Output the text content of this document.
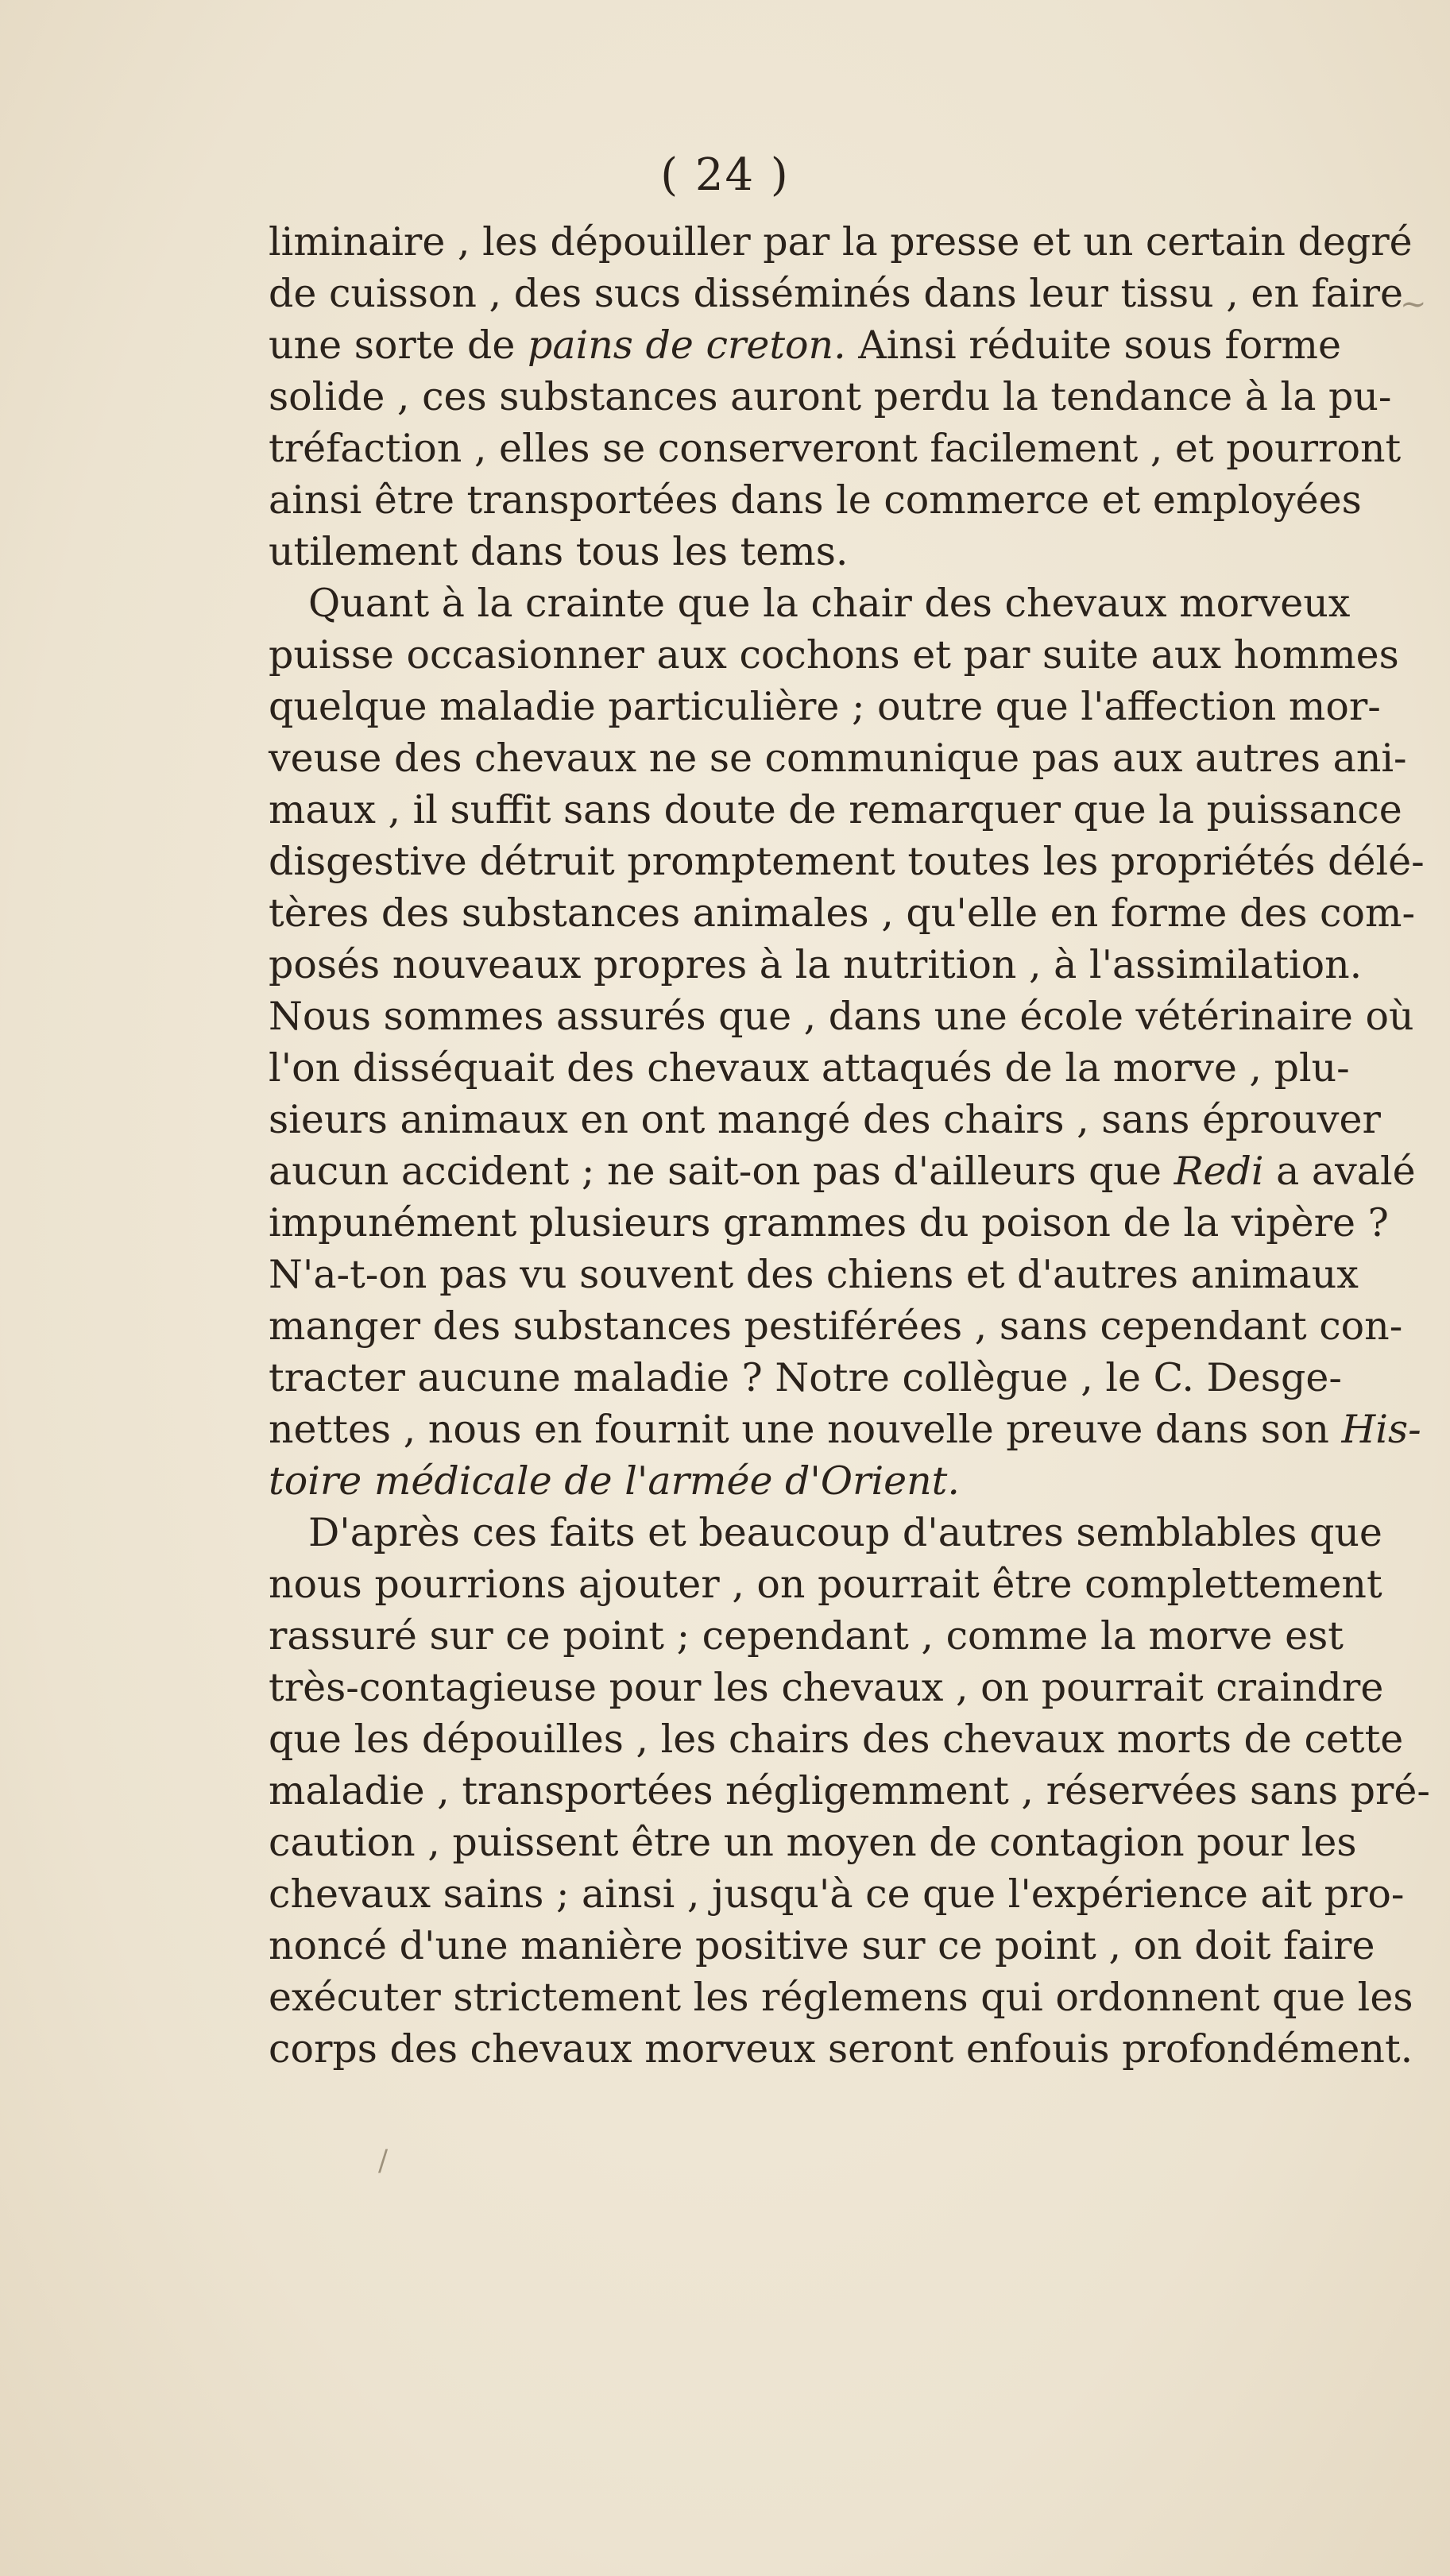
( 24 )
liminaire , les dépouiller par la presse et un certain degré
de cuisson , des sucs disséminés dans leur tissu , en faire
une sorte de pains de creton. Ainsi réduite sous forme
solide , ces substances auront perdu la tendance à la pu-
tréfaction , elles se conserveront facilement , et pourront
ainsi être transportées dans le commerce et employées
utilement dans tous les tems.
Quant à la crainte que la chair des chevaux morveux
puisse occasionner aux cochons et par suite aux hommes
quelque maladie particulière ; outre que l'affection mor-
veuse des chevaux ne se communique pas aux autres ani-
maux , il suffit sans doute de remarquer que la puissance
disgestive détruit promptement toutes les propriétés délé-
tères des substances animales , qu'elle en forme des com-
posés nouveaux propres à la nutrition , à l'assimilation.
Nous sommes assurés que , dans une école vétérinaire où
l'on disséquait des chevaux attaqués de la morve , plu-
sieurs animaux en ont mangé des chairs , sans éprouver
aucun accident ; ne sait-on pas d'ailleurs que Redi a avalé
impunément plusieurs grammes du poison de la vipère ?
N'a-t-on pas vu souvent des chiens et d'autres animaux
manger des substances pestiférées , sans cependant con-
tracter aucune maladie ? Notre collègue , le C. Desge-
nettes , nous en fournit une nouvelle preuve dans son His-
toire médicale de l'armée d'Orient.
D'après ces faits et beaucoup d'autres semblables que
nous pourrions ajouter , on pourrait être complettement
rassuré sur ce point ; cependant , comme la morve est
très-contagieuse pour les chevaux , on pourrait craindre
que les dépouilles , les chairs des chevaux morts de cette
maladie , transportées négligemment , réservées sans pré-
caution , puissent être un moyen de contagion pour les
chevaux sains ; ainsi , jusqu'à ce que l'expérience ait pro-
noncé d'une manière positive sur ce point , on doit faire
exécuter strictement les réglemens qui ordonnent que les
corps des chevaux morveux seront enfouis profondément.
~
/
